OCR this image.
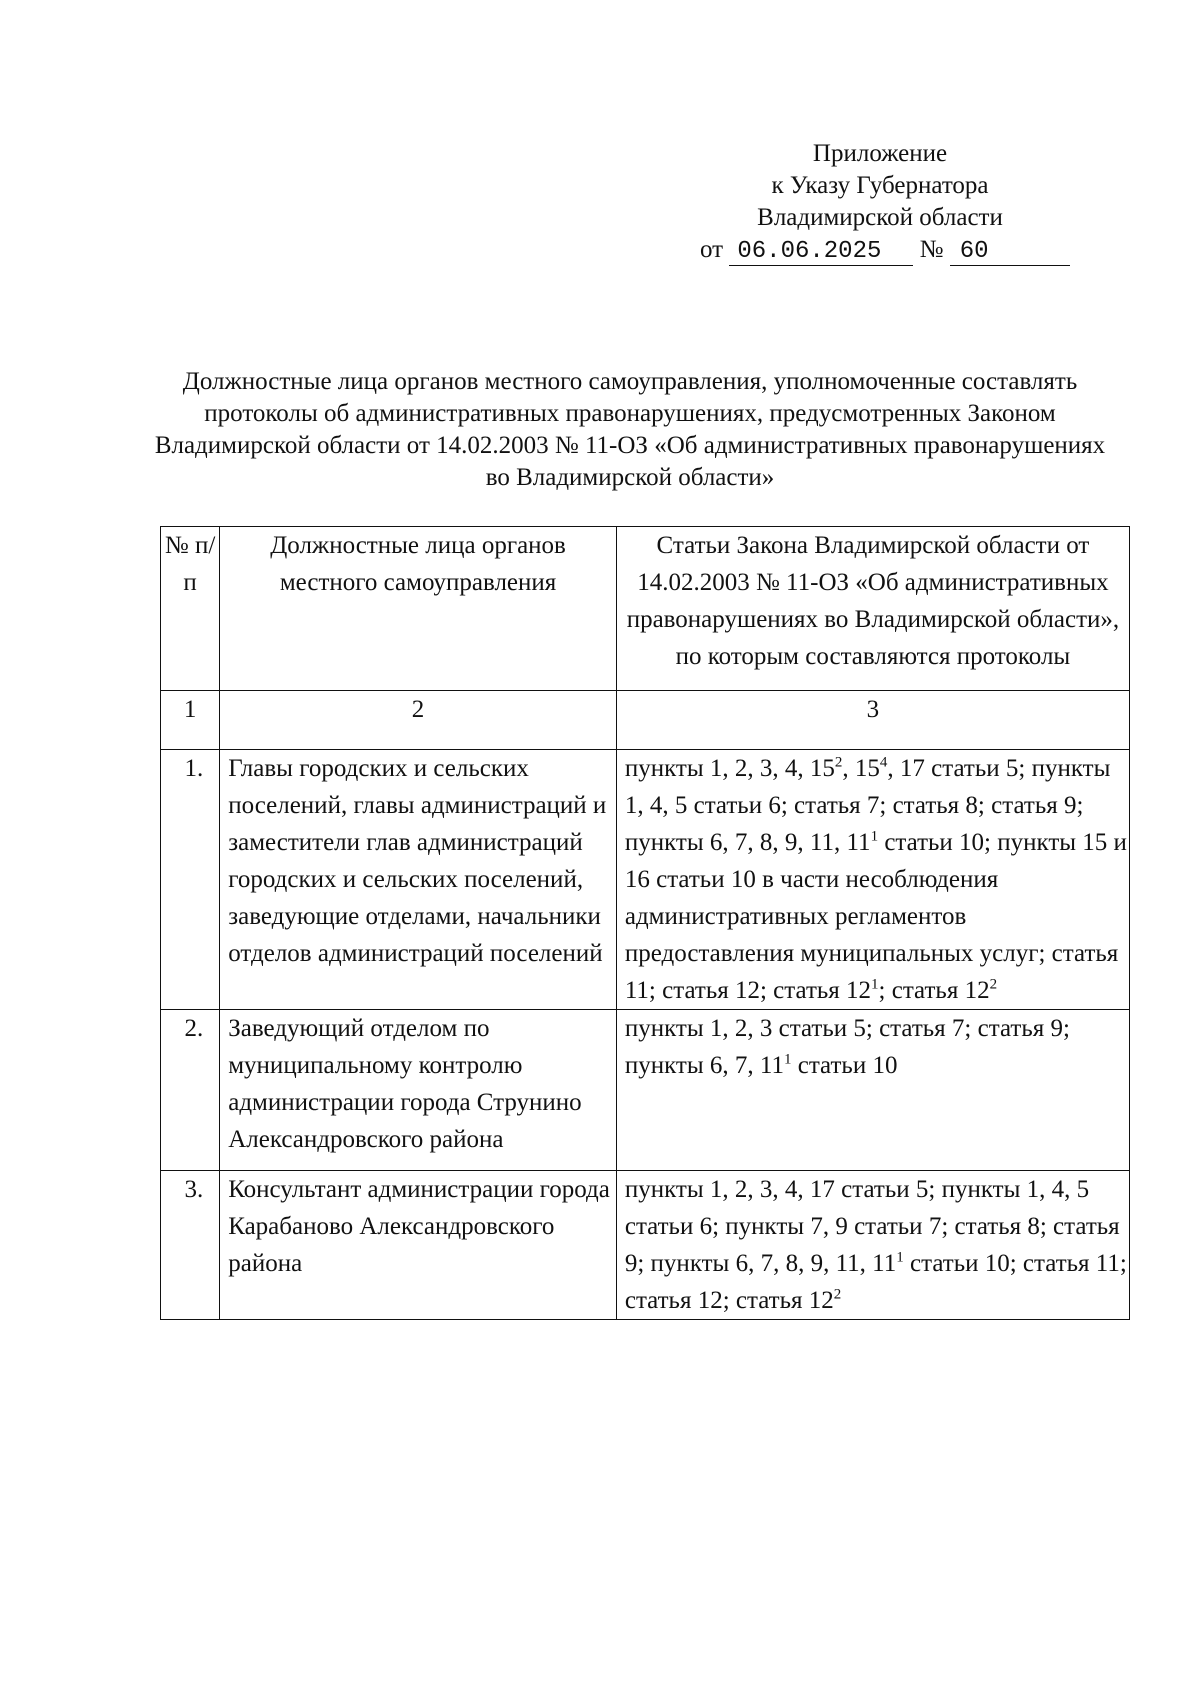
Приложение
к Указу Губернатора
Владимирской области
от 06.06.2025 № 60
Должностные лица органов местного самоуправления, уполномоченные составлять протоколы об административных правонарушениях, предусмотренных Законом Владимирской области от 14.02.2003 № 11-ОЗ «Об административных правонарушениях во Владимирской области»
№ п/п	Должностные лица органов местного самоуправления	Статьи Закона Владимирской области от 14.02.2003 № 11-ОЗ «Об административных правонарушениях во Владимирской области», по которым составляются протоколы
1	2	3
1.	Главы городских и сельских поселений, главы администраций и заместители глав администраций городских и сельских поселений, заведующие отделами, начальники отделов администраций поселений	пункты 1, 2, 3, 4, $15^2$, $15^4$, 17 статьи 5; пункты 1, 4, 5 статьи 6; статья 7; статья 8; статья 9; пункты 6, 7, 8, 9, 11, $11^1$ статьи 10; пункты 15 и 16 статьи 10 в части несоблюдения административных регламентов предоставления муниципальных услуг; статья 11; статья 12; статья $12^1$; статья $12^2$
2.	Заведующий отделом по муниципальному контролю администрации города Струнино Александровского района	пункты 1, 2, 3 статьи 5; статья 7; статья 9; пункты 6, 7, $11^1$ статьи 10
3.	Консультант администрации города Карабаново Александровского района	пункты 1, 2, 3, 4, 17 статьи 5; пункты 1, 4, 5 статьи 6; пункты 7, 9 статьи 7; статья 8; статья 9; пункты 6, 7, 8, 9, 11, $11^1$ статьи 10; статья 11; статья 12; статья $12^2$
